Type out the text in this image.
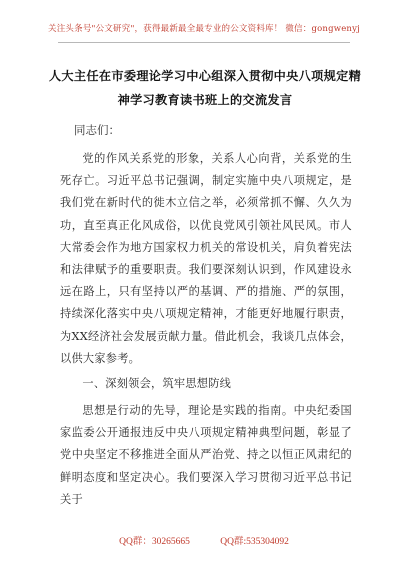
关注头条号"公文研究"，获得最新最全最专业的公文资料库！ 微信：gongwenyj
人大主任在市委理论学习中心组深入贯彻中央八项规定精神学习教育读书班上的交流发言
同志们：
党的作风关系党的形象，关系人心向背，关系党的生死存亡。习近平总书记强调，制定实施中央八项规定，是我们党在新时代的徙木立信之举，必须常抓不懈、久久为功，直至真正化风成俗，以优良党风引领社风民风。市人大常委会作为地方国家权力机关的常设机关，肩负着宪法和法律赋予的重要职责。我们要深刻认识到，作风建设永远在路上，只有坚持以严的基调、严的措施、严的氛围，持续深化落实中央八项规定精神，才能更好地履行职责，为XX经济社会发展贡献力量。借此机会，我谈几点体会，以供大家参考。
一、深刻领会，筑牢思想防线
思想是行动的先导，理论是实践的指南。中央纪委国家监委公开通报违反中央八项规定精神典型问题，彰显了党中央坚定不移推进全面从严治党、持之以恒正风肃纪的鲜明态度和坚定决心。我们要深入学习贯彻习近平总书记关于
QQ群：30265665	QQ群:535304092
